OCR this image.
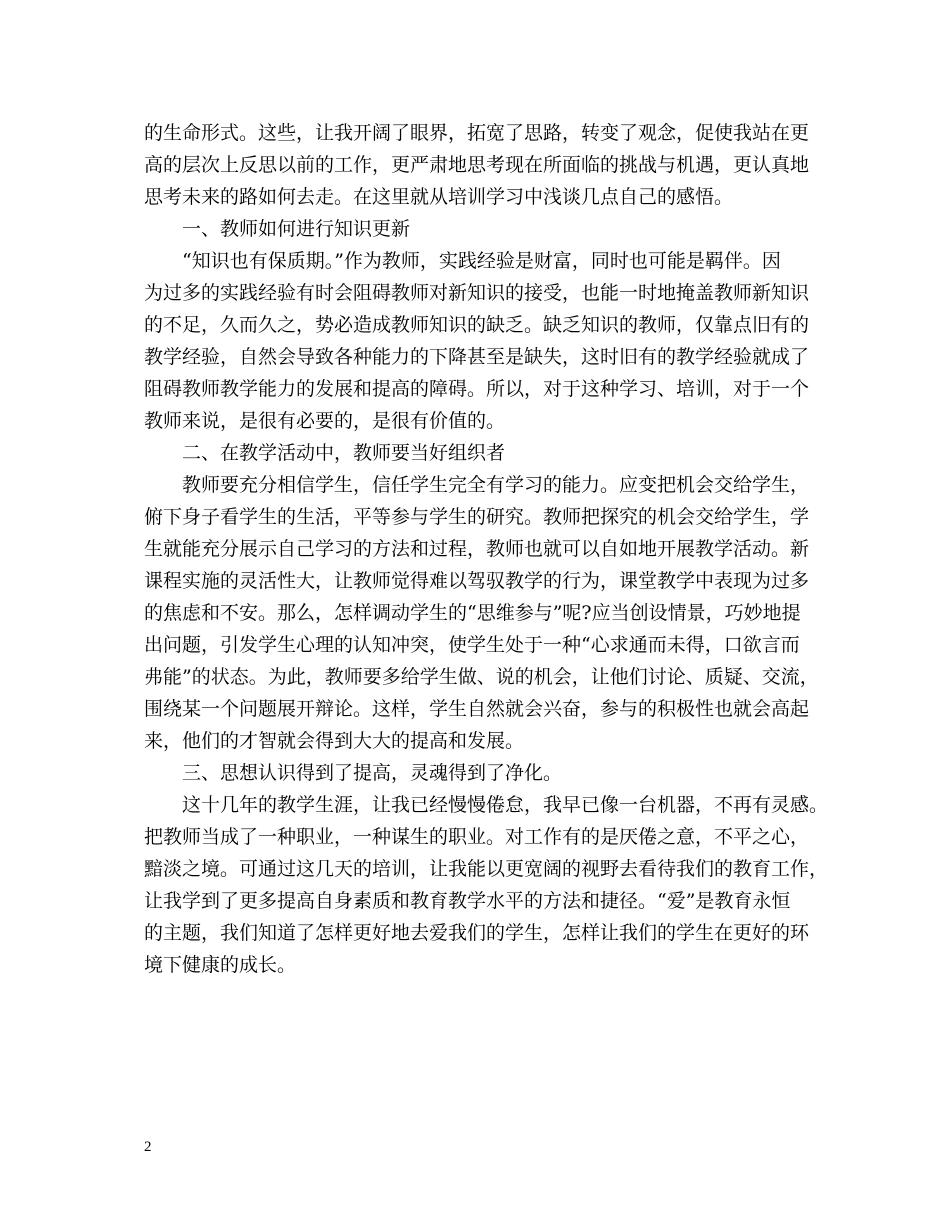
的生命形式。这些，让我开阔了眼界，拓宽了思路，转变了观念，促使我站在更
高的层次上反思以前的工作，更严肃地思考现在所面临的挑战与机遇，更认真地
思考未来的路如何去走。在这里就从培训学习中浅谈几点自己的感悟。
一、教师如何进行知识更新
“知识也有保质期。”作为教师，实践经验是财富，同时也可能是羁伴。因
为过多的实践经验有时会阻碍教师对新知识的接受，也能一时地掩盖教师新知识
的不足，久而久之，势必造成教师知识的缺乏。缺乏知识的教师，仅靠点旧有的
教学经验，自然会导致各种能力的下降甚至是缺失，这时旧有的教学经验就成了
阻碍教师教学能力的发展和提高的障碍。所以，对于这种学习、培训，对于一个
教师来说，是很有必要的，是很有价值的。
二、在教学活动中，教师要当好组织者
教师要充分相信学生，信任学生完全有学习的能力。应变把机会交给学生，
俯下身子看学生的生活，平等参与学生的研究。教师把探究的机会交给学生，学
生就能充分展示自己学习的方法和过程，教师也就可以自如地开展教学活动。新
课程实施的灵活性大，让教师觉得难以驾驭教学的行为，课堂教学中表现为过多
的焦虑和不安。那么，怎样调动学生的“思维参与”呢?应当创设情景，巧妙地提
出问题，引发学生心理的认知冲突，使学生处于一种“心求通而未得，口欲言而
弗能”的状态。为此，教师要多给学生做、说的机会，让他们讨论、质疑、交流，
围绕某一个问题展开辩论。这样，学生自然就会兴奋，参与的积极性也就会高起
来，他们的才智就会得到大大的提高和发展。
三、思想认识得到了提高，灵魂得到了净化。
这十几年的教学生涯，让我已经慢慢倦怠，我早已像一台机器，不再有灵感。
把教师当成了一种职业，一种谋生的职业。对工作有的是厌倦之意，不平之心，
黯淡之境。可通过这几天的培训，让我能以更宽阔的视野去看待我们的教育工作，
让我学到了更多提高自身素质和教育教学水平的方法和捷径。“爱”是教育永恒
的主题，我们知道了怎样更好地去爱我们的学生，怎样让我们的学生在更好的环
境下健康的成长。
2
